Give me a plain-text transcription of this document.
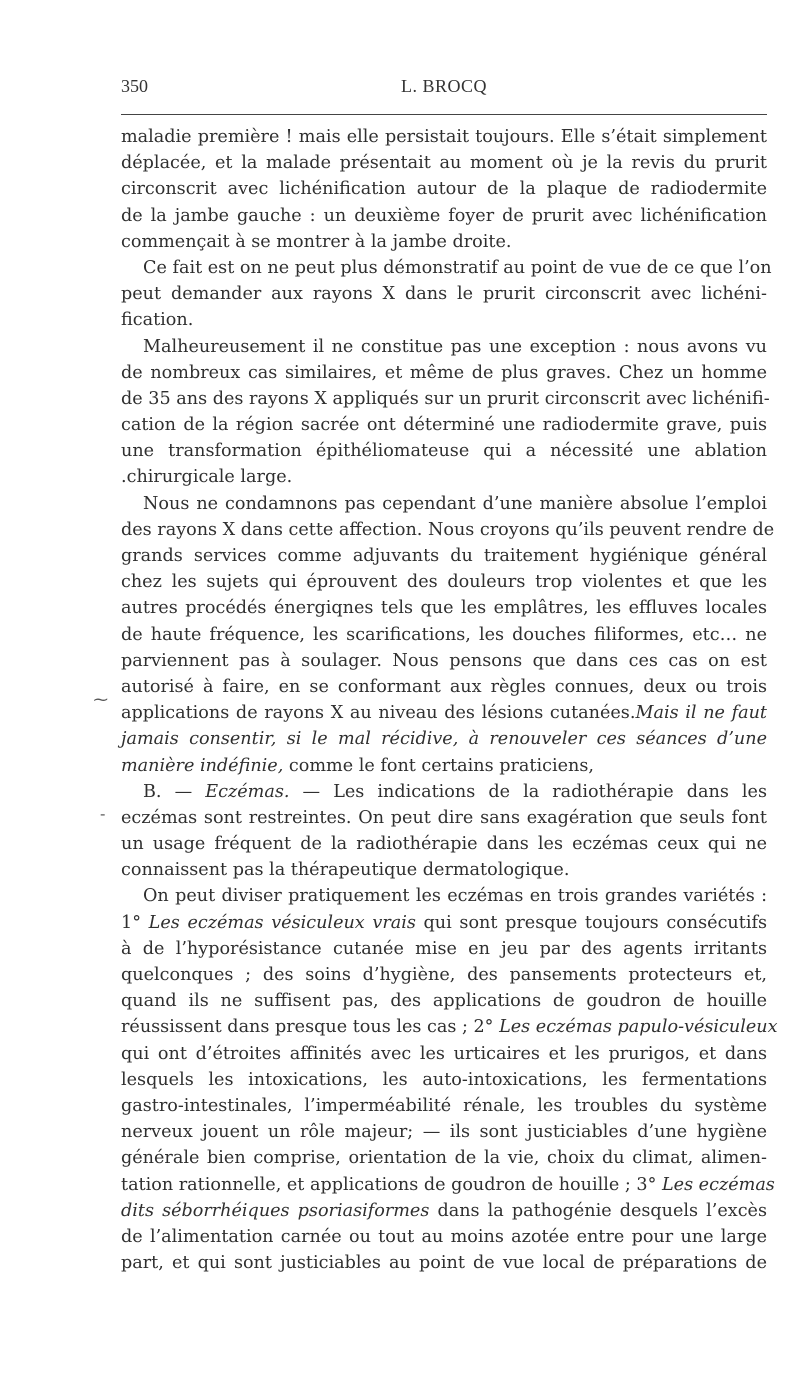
350	L. BROCQ
maladie première ! mais elle persistait toujours. Elle s’était simplement
déplacée, et la malade présentait au moment où je la revis du prurit
circonscrit avec lichénification autour de la plaque de radiodermite
de la jambe gauche : un deuxième foyer de prurit avec lichénification
commençait à se montrer à la jambe droite.
Ce fait est on ne peut plus démonstratif au point de vue de ce que l’on
peut demander aux rayons X dans le prurit circonscrit avec lichéni-
fication.
Malheureusement il ne constitue pas une exception : nous avons vu
de nombreux cas similaires, et même de plus graves. Chez un homme
de 35 ans des rayons X appliqués sur un prurit circonscrit avec lichénifi-
cation de la région sacrée ont déterminé une radiodermite grave, puis
une transformation épithéliomateuse qui a nécessité une ablation
.chirurgicale large.
Nous ne condamnons pas cependant d’une manière absolue l’emploi
des rayons X dans cette affection. Nous croyons qu’ils peuvent rendre de
grands services comme adjuvants du traitement hygiénique général
chez les sujets qui éprouvent des douleurs trop violentes et que les
autres procédés énergiqnes tels que les emplâtres, les effluves locales
de haute fréquence, les scarifications, les douches filiformes, etc… ne
parviennent pas à soulager. Nous pensons que dans ces cas on est
autorisé à faire, en se conformant aux règles connues, deux ou trois
applications de rayons X au niveau des lésions cutanées.Mais il ne faut
jamais consentir, si le mal récidive, à renouveler ces séances d’une
manière indéfinie, comme le font certains praticiens,
B. — Eczémas. — Les indications de la radiothérapie dans les
eczémas sont restreintes. On peut dire sans exagération que seuls font
un usage fréquent de la radiothérapie dans les eczémas ceux qui ne
connaissent pas la thérapeutique dermatologique.
On peut diviser pratiquement les eczémas en trois grandes variétés :
1° Les eczémas vésiculeux vrais qui sont presque toujours consécutifs
à de l’hyporésistance cutanée mise en jeu par des agents irritants
quelconques ; des soins d’hygiène, des pansements protecteurs et,
quand ils ne suffisent pas, des applications de goudron de houille
réussissent dans presque tous les cas ; 2° Les eczémas papulo-vésiculeux
qui ont d’étroites affinités avec les urticaires et les prurigos, et dans
lesquels les intoxications, les auto-intoxications, les fermentations
gastro-intestinales, l’imperméabilité rénale, les troubles du système
nerveux jouent un rôle majeur; — ils sont justiciables d’une hygiène
générale bien comprise, orientation de la vie, choix du climat, alimen-
tation rationnelle, et applications de goudron de houille ; 3° Les eczémas
dits séborrhéiques psoriasiformes dans la pathogénie desquels l’excès
de l’alimentation carnée ou tout au moins azotée entre pour une large
part, et qui sont justiciables au point de vue local de préparations de
~
-
